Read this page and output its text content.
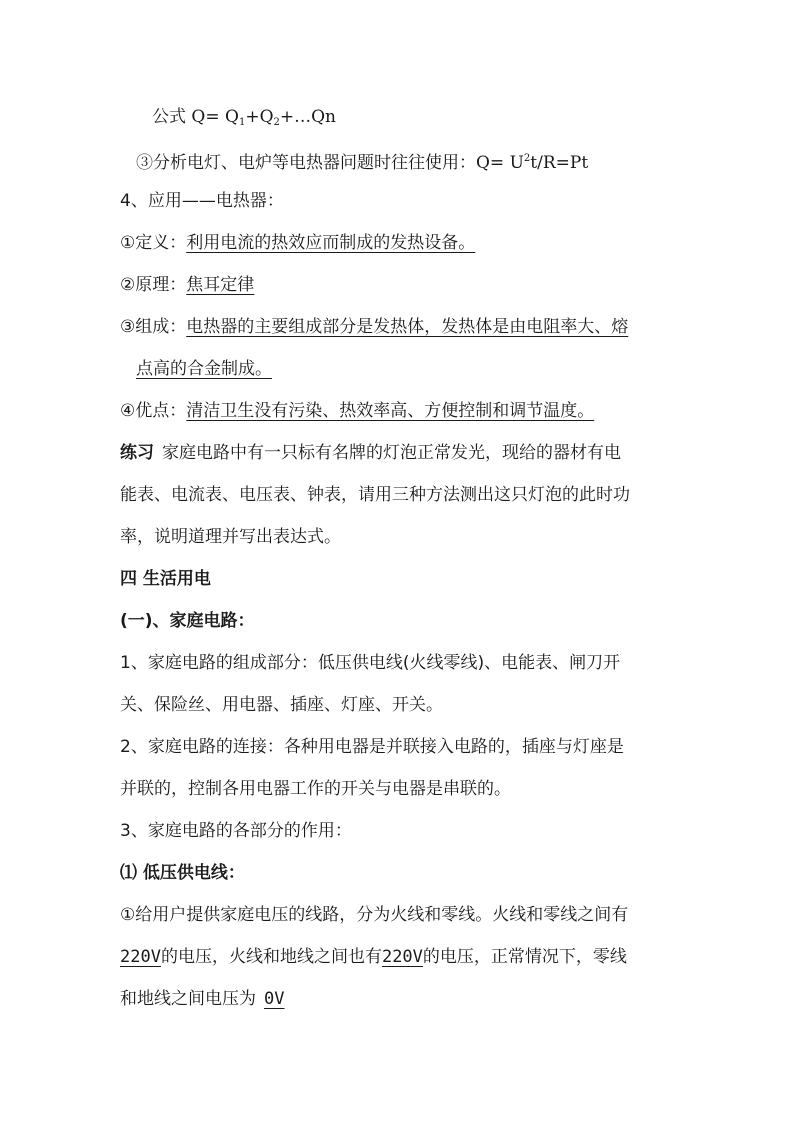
公式 $Q= Q_1+Q_2+\dots Qn$
③分析电灯、电炉等电热器问题时往往使用：$Q= U^2t/R=Pt$
4、应用——电热器：
①定义：利用电流的热效应而制成的发热设备。
②原理：焦耳定律
③组成：电热器的主要组成部分是发热体，发热体是由电阻率大、熔
点高的合金制成。
④优点：清洁卫生没有污染、热效率高、方便控制和调节温度。
练习 家庭电路中有一只标有名牌的灯泡正常发光，现给的器材有电
能表、电流表、电压表、钟表，请用三种方法测出这只灯泡的此时功
率，说明道理并写出表达式。
四 生活用电
(一)、家庭电路：
1、家庭电路的组成部分：低压供电线(火线零线)、电能表、闸刀开
关、保险丝、用电器、插座、灯座、开关。
2、家庭电路的连接：各种用电器是并联接入电路的，插座与灯座是
并联的，控制各用电器工作的开关与电器是串联的。
3、家庭电路的各部分的作用：
⑴ 低压供电线：
①给用户提供家庭电压的线路，分为火线和零线。火线和零线之间有
220V的电压，火线和地线之间也有220V的电压，正常情况下，零线
和地线之间电压为 0V
